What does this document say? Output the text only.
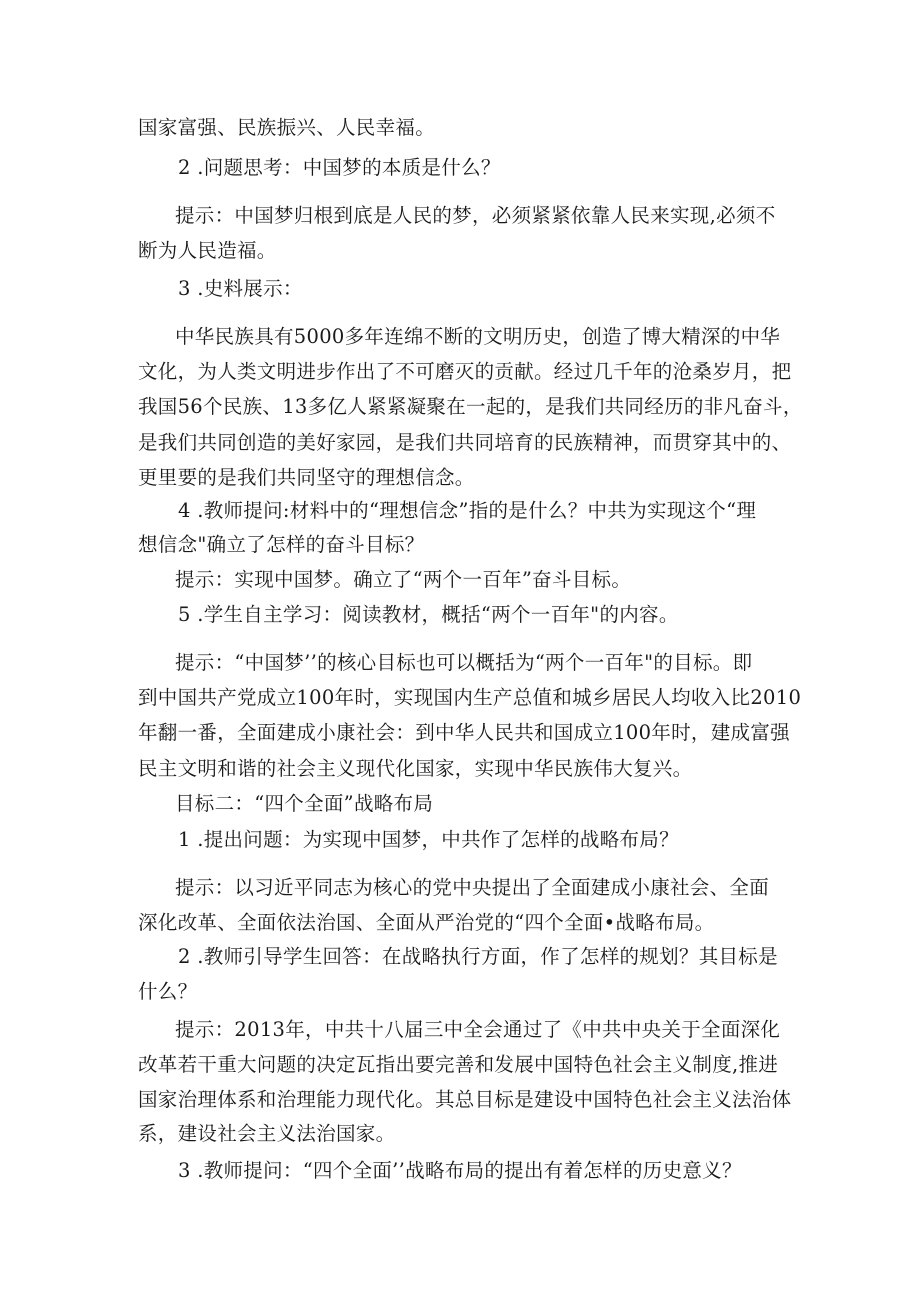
国家富强、民族振兴、人民幸福。
2 .问题思考：中国梦的本质是什么？
提示：中国梦归根到底是人民的梦，必须紧紧依靠人民来实现,必须不
断为人民造福。
3 .史料展示：
中华民族具有5000多年连绵不断的文明历史，创造了博大精深的中华
文化，为人类文明进步作出了不可磨灭的贡献。经过几千年的沧桑岁月，把
我国56个民族、13多亿人紧紧凝聚在一起的，是我们共同经历的非凡奋斗，
是我们共同创造的美好家园，是我们共同培育的民族精神，而贯穿其中的、
更里要的是我们共同坚守的理想信念。
4 .教师提问:材料中的“理想信念”指的是什么？中共为实现这个“理
想信念"确立了怎样的奋斗目标？
提示：实现中国梦。确立了“两个一百年”奋斗目标。
5 .学生自主学习：阅读教材，概括“两个一百年"的内容。
提示：“中国梦’’的核心目标也可以概括为“两个一百年"的目标。即
到中国共产党成立100年时，实现国内生产总值和城乡居民人均收入比2010
年翻一番，全面建成小康社会：到中华人民共和国成立100年时，建成富强
民主文明和谐的社会主义现代化国家，实现中华民族伟大复兴。
目标二：“四个全面”战略布局
1 .提出问题：为实现中国梦，中共作了怎样的战略布局？
提示：以习近平同志为核心的党中央提出了全面建成小康社会、全面
深化改革、全面依法治国、全面从严治党的“四个全面•战略布局。
2 .教师引导学生回答：在战略执行方面，作了怎样的规划？其目标是
什么？
提示：2013年，中共十八届三中全会通过了《中共中央关于全面深化
改革若干重大问题的决定瓦指出要完善和发展中国特色社会主义制度,推进
国家治理体系和治理能力现代化。其总目标是建设中国特色社会主义法治体
系，建设社会主义法治国家。
3 .教师提问：“四个全面’’战略布局的提出有着怎样的历史意义？
